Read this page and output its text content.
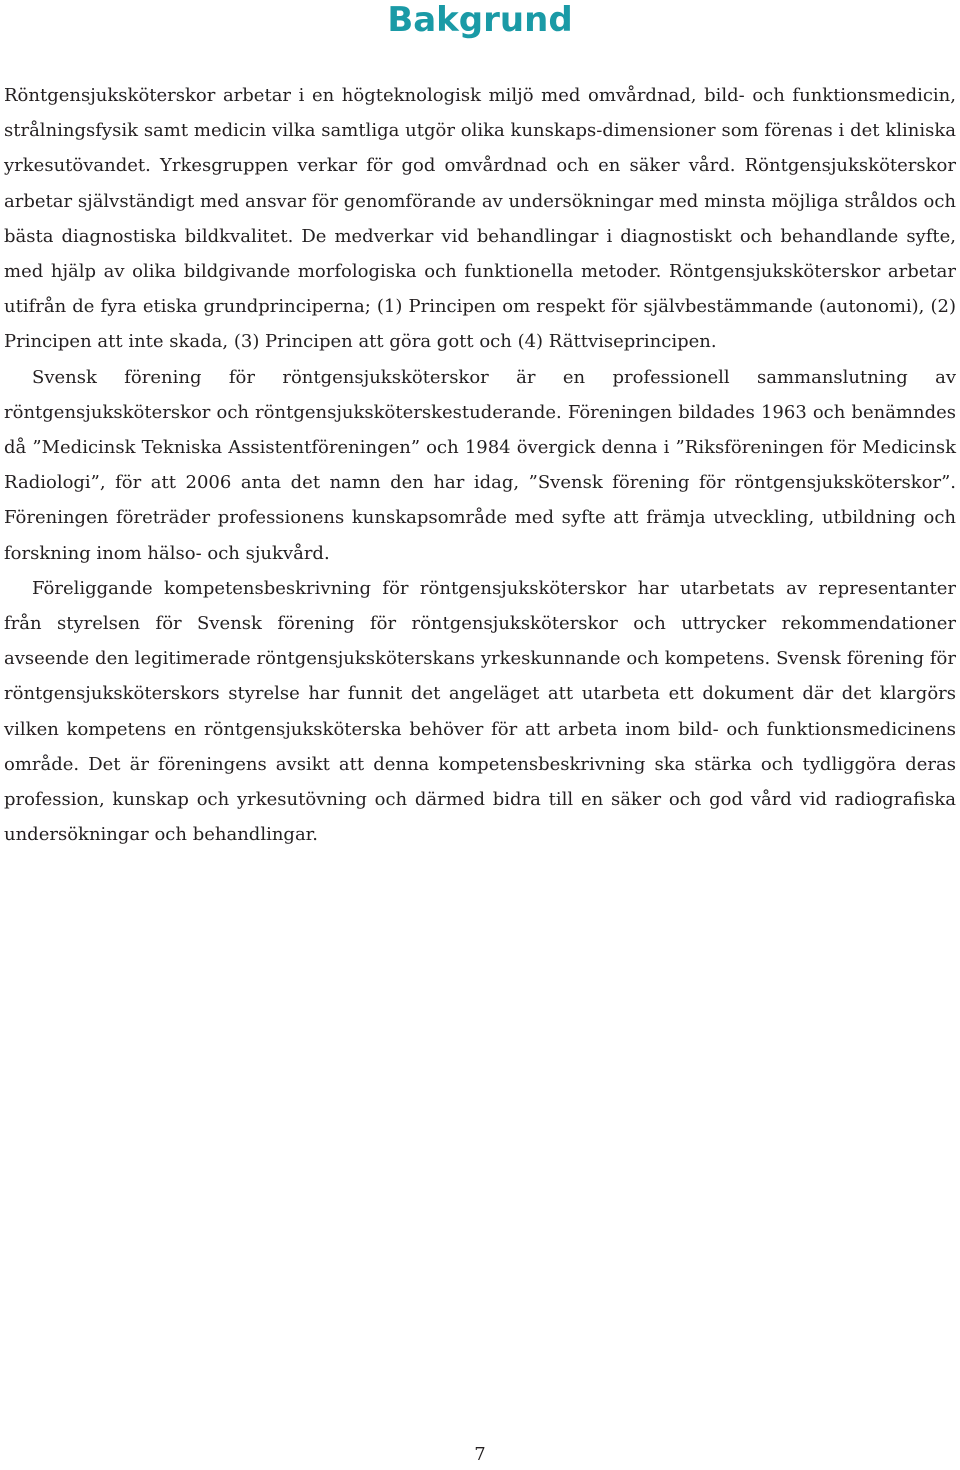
Bakgrund

Röntgensjuksköterskor arbetar i en högteknologisk miljö med omvårdnad, bild- och funktionsmedicin, strålningsfysik samt medicin vilka samtliga utgör olika kunskaps-dimensioner som förenas i det kliniska yrkesutövandet. Yrkesgruppen verkar för god omvårdnad och en säker vård. Röntgensjuksköterskor arbetar självständigt med ansvar för genomförande av undersökningar med minsta möjliga stråldos och bästa diagnostiska bildkvalitet. De medverkar vid behandlingar i diagnostiskt och behandlande syfte, med hjälp av olika bildgivande morfologiska och funktionella metoder. Röntgensjuksköterskor arbetar utifrån de fyra etiska grundprinciperna; (1) Principen om respekt för självbestämmande (autonomi), (2) Principen att inte skada, (3) Principen att göra gott och (4) Rättviseprincipen.

Svensk förening för röntgensjuksköterskor är en professionell sammanslutning av röntgensjuksköterskor och röntgensjuksköterskestuderande. Föreningen bildades 1963 och benämndes då ”Medicinsk Tekniska Assistentföreningen” och 1984 övergick denna i ”Riksföreningen för Medicinsk Radiologi”, för att 2006 anta det namn den har idag, ”Svensk förening för röntgensjuksköterskor”. Föreningen företräder professionens kunskapsområde med syfte att främja utveckling, utbildning och forskning inom hälso- och sjukvård.

Föreliggande kompetensbeskrivning för röntgensjuksköterskor har utarbetats av representanter från styrelsen för Svensk förening för röntgensjuksköterskor och uttrycker rekommendationer avseende den legitimerade röntgensjuksköterskans yrkeskunnande och kompetens. Svensk förening för röntgensjuksköterskors styrelse har funnit det angeläget att utarbeta ett dokument där det klargörs vilken kompetens en röntgensjuksköterska behöver för att arbeta inom bild- och funktionsmedicinens område. Det är föreningens avsikt att denna kompetensbeskrivning ska stärka och tydliggöra deras profession, kunskap och yrkesutövning och därmed bidra till en säker och god vård vid radiografiska undersökningar och behandlingar.

7
